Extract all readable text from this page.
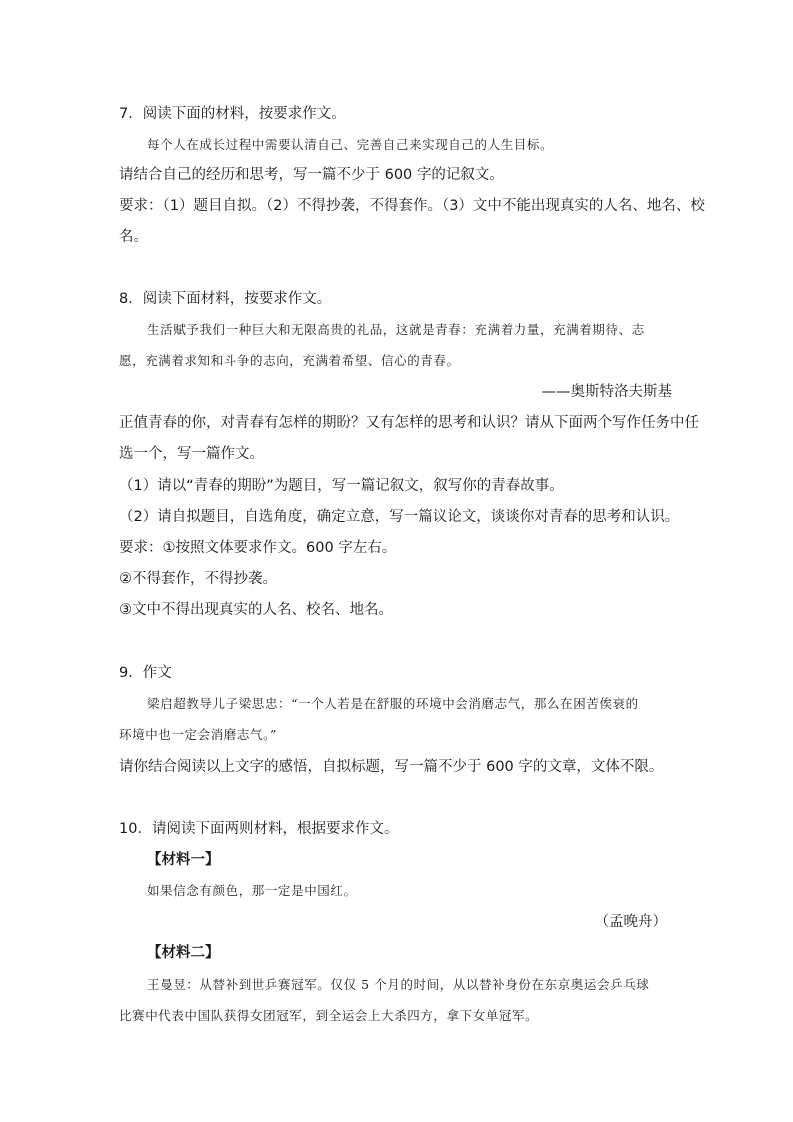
7．阅读下面的材料，按要求作文。
每个人在成长过程中需要认清自己、完善自己来实现自己的人生目标。
请结合自己的经历和思考，写一篇不少于 600 字的记叙文。
要求：（1）题目自拟。（2）不得抄袭，不得套作。（3）文中不能出现真实的人名、地名、校
名。
8．阅读下面材料，按要求作文。
生活赋予我们一种巨大和无限高贵的礼品，这就是青春：充满着力量，充满着期待、志
愿，充满着求知和斗争的志向，充满着希望、信心的青春。
——奥斯特洛夫斯基
正值青春的你，对青春有怎样的期盼？又有怎样的思考和认识？请从下面两个写作任务中任
选一个，写一篇作文。
（1）请以“青春的期盼”为题目，写一篇记叙文，叙写你的青春故事。
（2）请自拟题目，自选角度，确定立意，写一篇议论文，谈谈你对青春的思考和认识。
要求：①按照文体要求作文。600 字左右。
②不得套作，不得抄袭。
③文中不得出现真实的人名、校名、地名。
9．作文
梁启超教导儿子梁思忠：“一个人若是在舒服的环境中会消磨志气，那么在困苦俟衰的
环境中也一定会消磨志气。”
请你结合阅读以上文字的感悟，自拟标题，写一篇不少于 600 字的文章，文体不限。
10．请阅读下面两则材料，根据要求作文。
【材料一】
如果信念有颜色，那一定是中国红。
（孟晚舟）
【材料二】
王曼昱：从替补到世乒赛冠军。仅仅 5 个月的时间，从以替补身份在东京奥运会乒乓球
比赛中代表中国队获得女团冠军，到全运会上大杀四方，拿下女单冠军。
